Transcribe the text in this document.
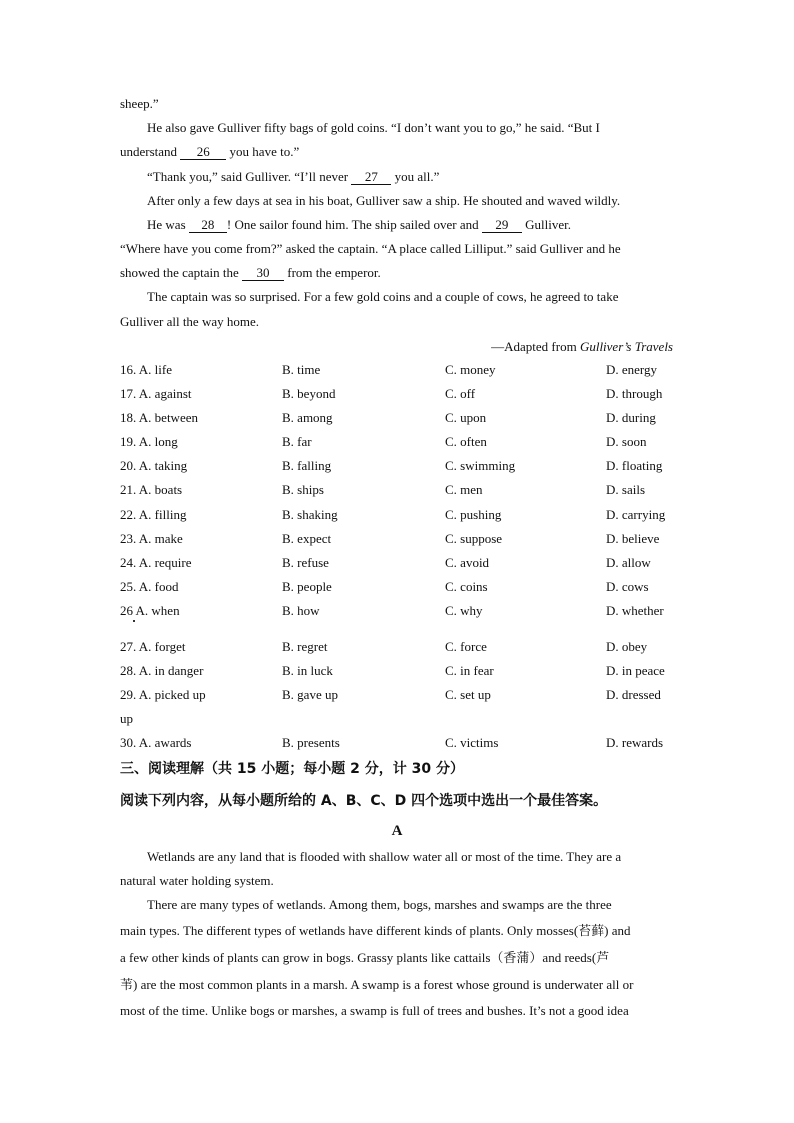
sheep.”
He also gave Gulliver fifty bags of gold coins. “I don’t want you to go,” he said. “But I
understand 26 you have to.”
“Thank you,” said Gulliver. “I’ll never 27 you all.”
After only a few days at sea in his boat, Gulliver saw a ship. He shouted and waved wildly.
He was 28 ! One sailor found him. The ship sailed over and 29 Gulliver.
“Where have you come from?” asked the captain. “A place called Lilliput.” said Gulliver and he
showed the captain the 30 from the emperor.
The captain was so surprised. For a few gold coins and a couple of cows, he agreed to take
Gulliver all the way home.
—Adapted from Gulliver’s Travels
16. A. life	B. time	C. money	D. energy
17. A. against	B. beyond	C. off	D. through
18. A. between	B. among	C. upon	D. during
19. A. long	B. far	C. often	D. soon
20. A. taking	B. falling	C. swimming	D. floating
21. A. boats	B. ships	C. men	D. sails
22. A. filling	B. shaking	C. pushing	D. carrying
23. A. make	B. expect	C. suppose	D. believe
24. A. require	B. refuse	C. avoid	D. allow
25. A. food	B. people	C. coins	D. cows
26 A. when	B. how	C. why	D. whether
27. A. forget	B. regret	C. force	D. obey
28. A. in danger	B. in luck	C. in fear	D. in peace
29. A. picked up	B. gave up	C. set up	D. dressed
up
30. A. awards	B. presents	C. victims	D. rewards
三、阅读理解（共 15 小题；每小题 2 分，计 30 分）
阅读下列内容，从每小题所给的 A、B、C、D 四个选项中选出一个最佳答案。
A
Wetlands are any land that is flooded with shallow water all or most of the time. They are a
natural water holding system.
There are many types of wetlands. Among them, bogs, marshes and swamps are the three
main types. The different types of wetlands have different kinds of plants. Only mosses(苔藓) and
a few other kinds of plants can grow in bogs. Grassy plants like cattails（香蒲）and reeds(芦
苇) are the most common plants in a marsh. A swamp is a forest whose ground is underwater all or
most of the time. Unlike bogs or marshes, a swamp is full of trees and bushes. It’s not a good idea
